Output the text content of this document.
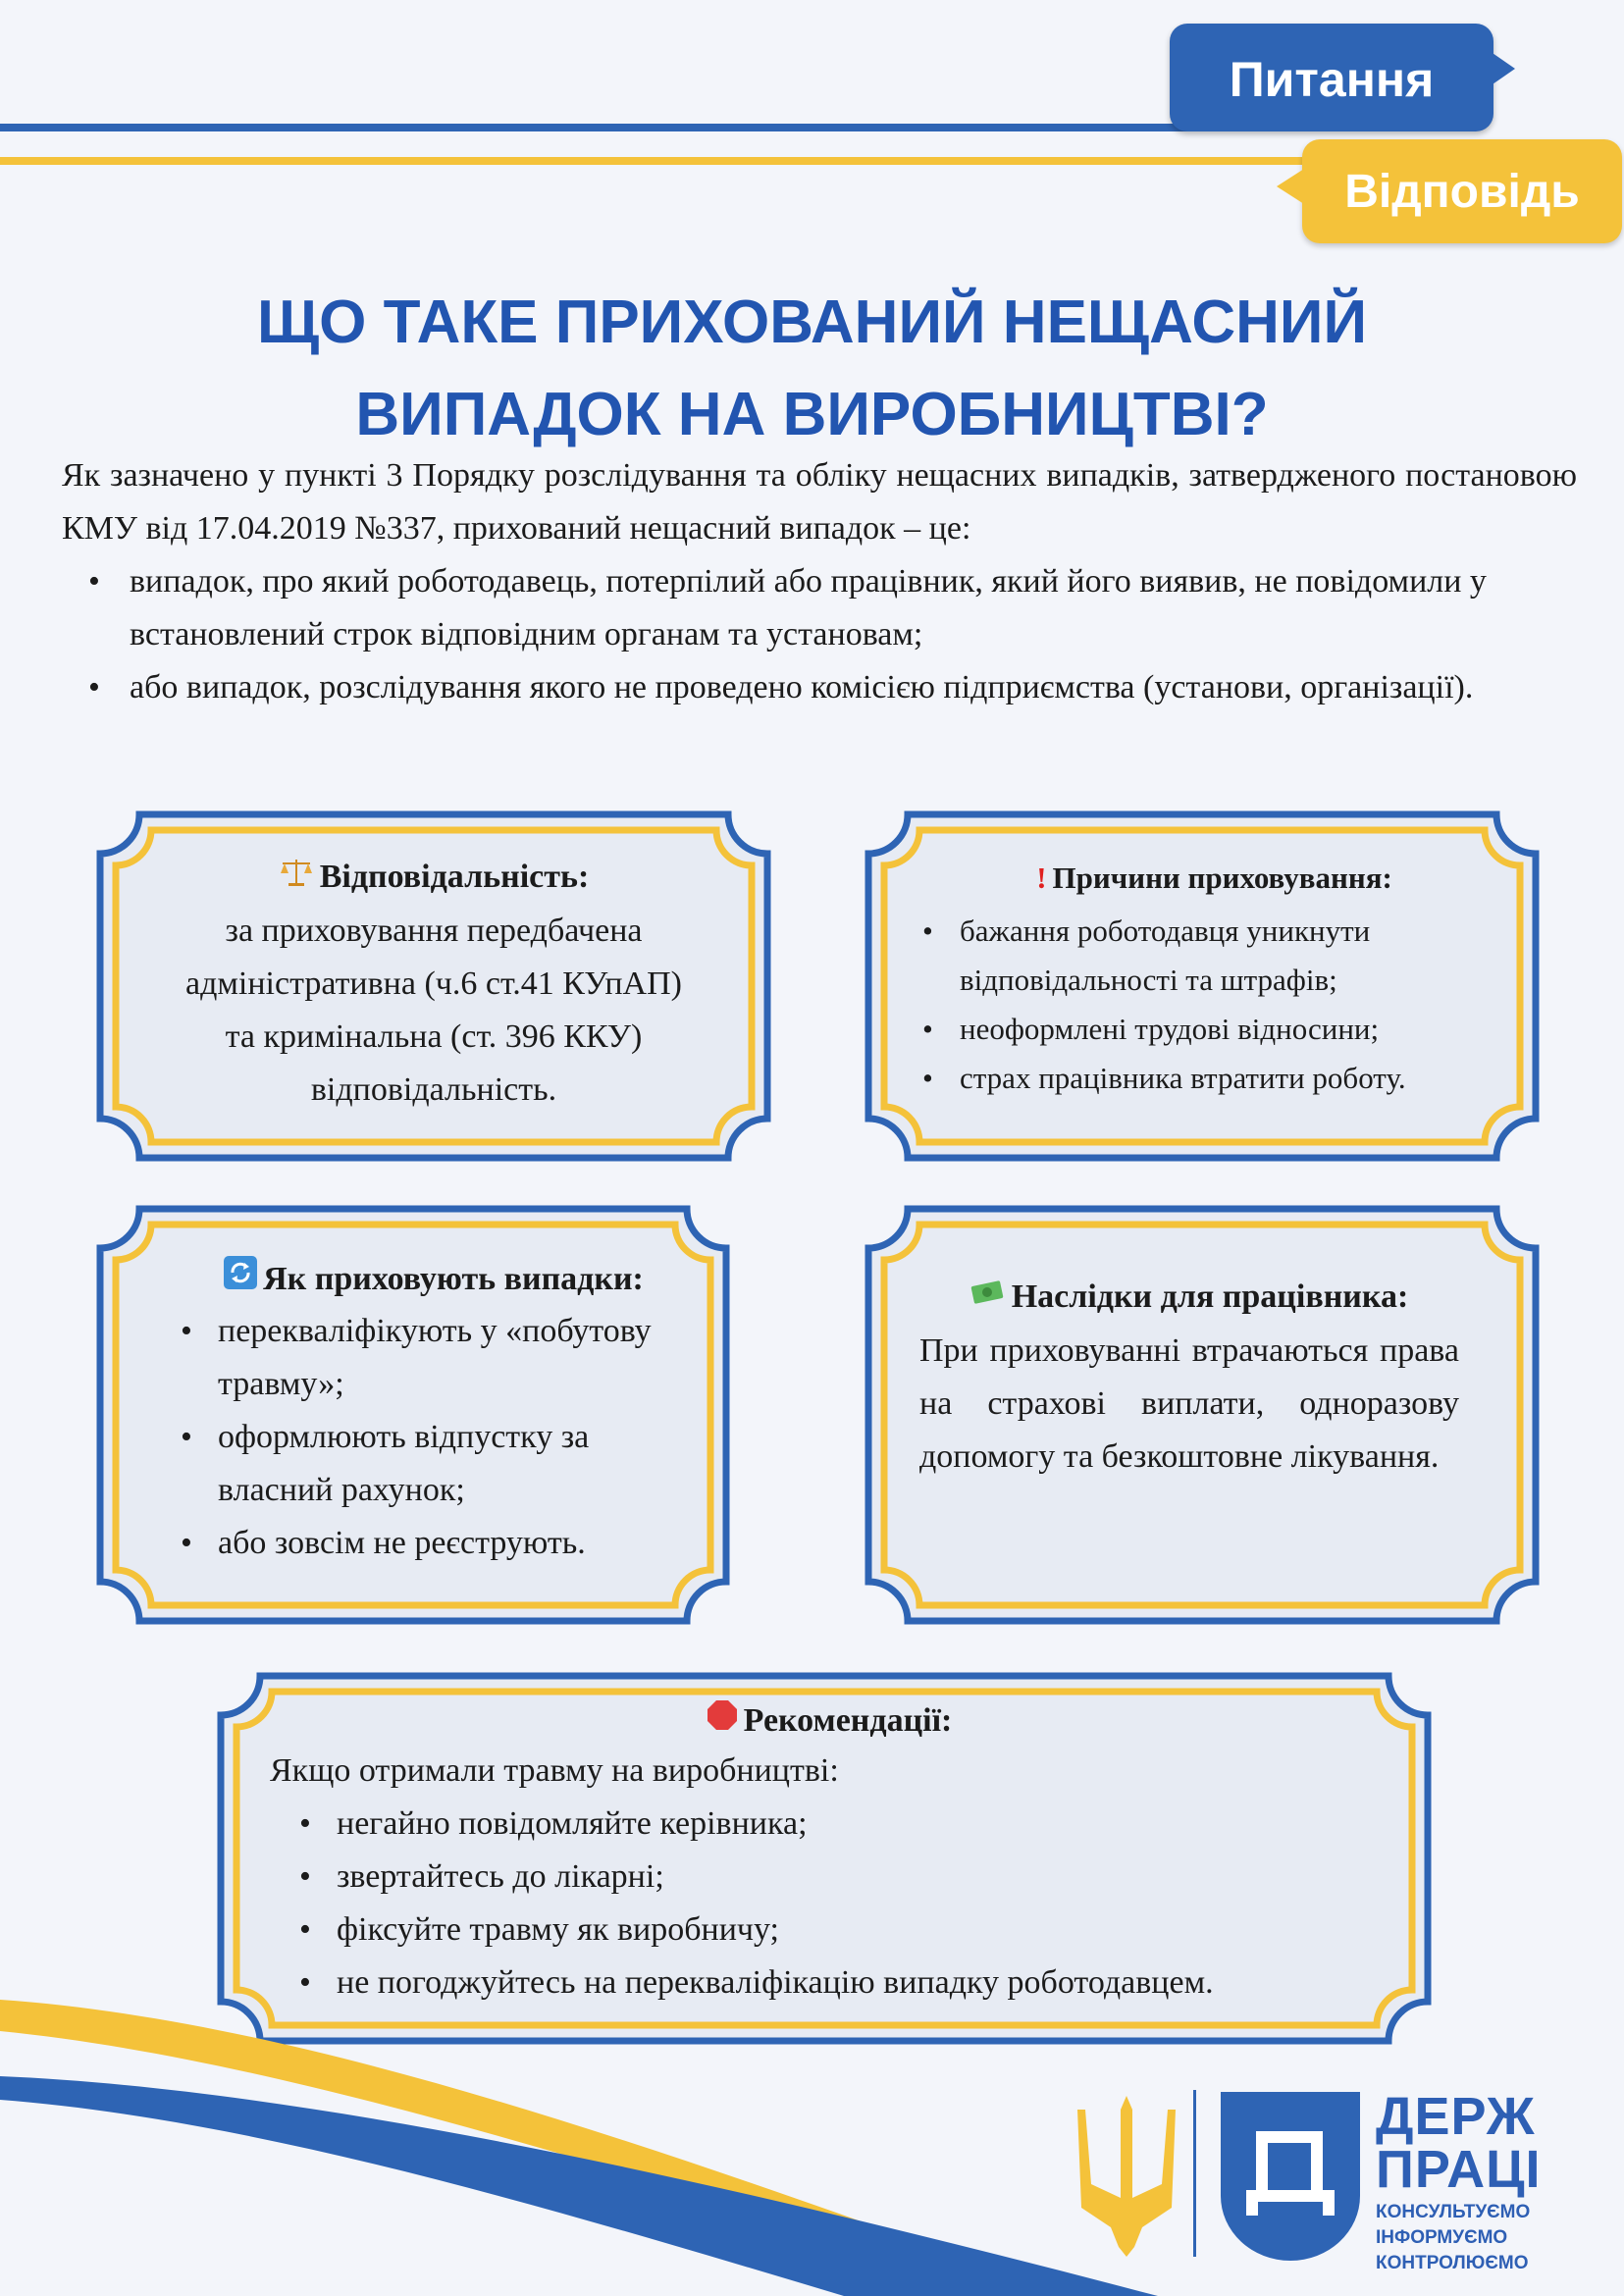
Питання
Відповідь
ЩО ТАКЕ ПРИХОВАНИЙ НЕЩАСНИЙ
ВИПАДОК НА ВИРОБНИЦТВІ?

Як зазначено у пункті 3 Порядку розслідування та обліку нещасних випадків, затвердженого постановою КМУ від 17.04.2019 №337, прихований нещасний випадок – це:

• випадок, про який роботодавець, потерпілий або працівник, який його виявив, не повідомили у встановлений строк відповідним органам та установам;
• або випадок, розслідування якого не проведено комісією підприємства (установи, організації).
Відповідальність:
за приховування передбачена
адміністративна (ч.6 ст.41 КУпАП)
та кримінальна (ст. 396 ККУ)
відповідальність.
! Причини приховування:
• бажання роботодавця уникнути відповідальності та штрафів;
• неоформлені трудові відносини;
• страх працівника втратити роботу.
Як приховують випадки:
• перекваліфікують у «побутову травму»;
• оформлюють відпустку за власний рахунок;
• або зовсім не реєструють.
Наслідки для працівника:
При приховуванні втрачаються права на страхові виплати, одноразову допомогу та безкоштовне лікування.
Рекомендації:
Якщо отримали травму на виробництві:
• негайно повідомляйте керівника;
• звертайтесь до лікарні;
• фіксуйте травму як виробничу;
• не погоджуйтесь на перекваліфікацію випадку роботодавцем.
ДЕРЖ
ПРАЦІ
КОНСУЛЬТУЄМО
ІНФОРМУЄМО
КОНТРОЛЮЄМО
